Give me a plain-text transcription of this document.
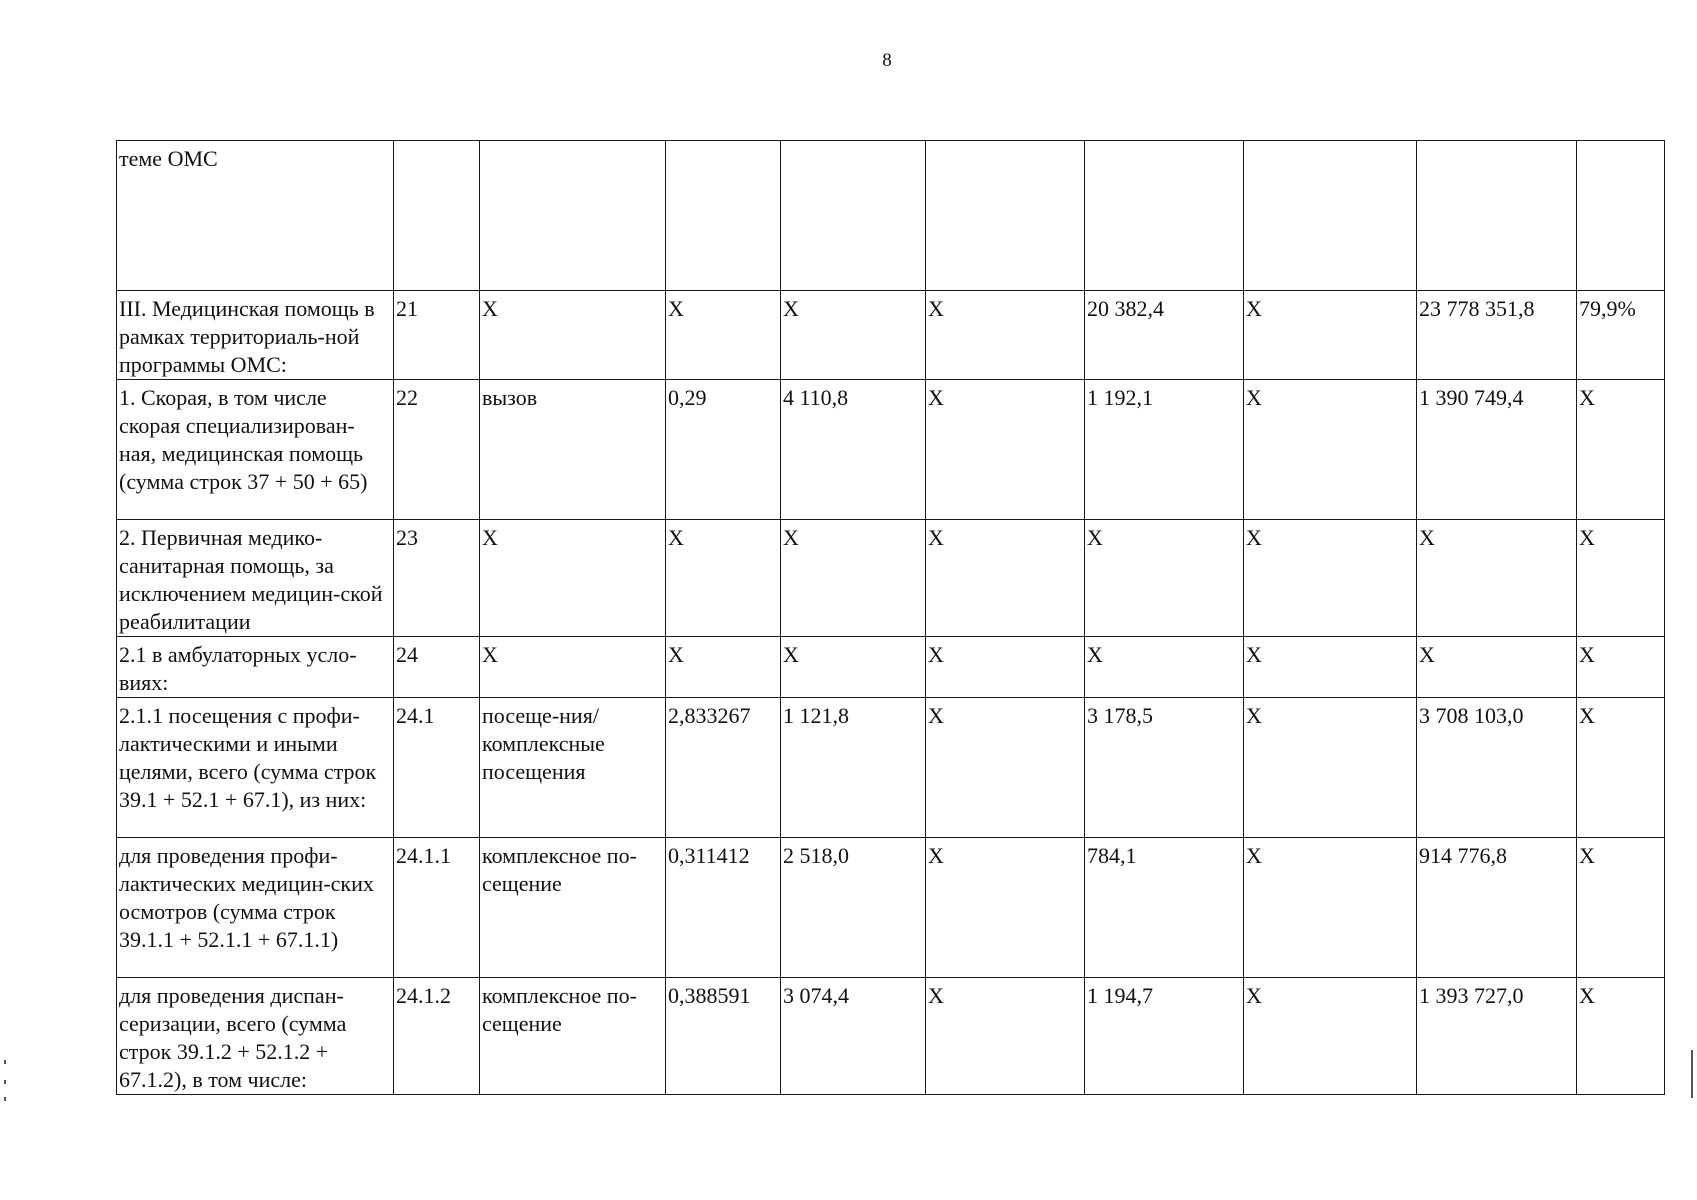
8
теме ОМС									
III. Медицинская помощь в рамках территориаль-ной программы ОМС:	21	X	X	X	X	20 382,4	X	23 778 351,8	79,9%
1. Скорая, в том числе скорая специализирован-ная, медицинская помощь (сумма строк 37 + 50 + 65)	22	вызов	0,29	4 110,8	X	1 192,1	X	1 390 749,4	X
2. Первичная медико-санитарная помощь, за исключением медицин-ской реабилитации	23	X	X	X	X	X	X	X	X
2.1 в амбулаторных усло-виях:	24	X	X	X	X	X	X	X	X
2.1.1 посещения с профи-лактическими и иными целями, всего (сумма строк 39.1 + 52.1 + 67.1), из них:	24.1	посеще-ния/комплексные посещения	2,833267	1 121,8	X	3 178,5	X	3 708 103,0	X
для проведения профи-лактических медицин-ских осмотров (сумма строк 39.1.1 + 52.1.1 + 67.1.1)	24.1.1	комплексное по-сещение	0,311412	2 518,0	X	784,1	X	914 776,8	X
для проведения диспан-серизации, всего (сумма строк 39.1.2 + 52.1.2 + 67.1.2), в том числе:	24.1.2	комплексное по-сещение	0,388591	3 074,4	X	1 194,7	X	1 393 727,0	X
